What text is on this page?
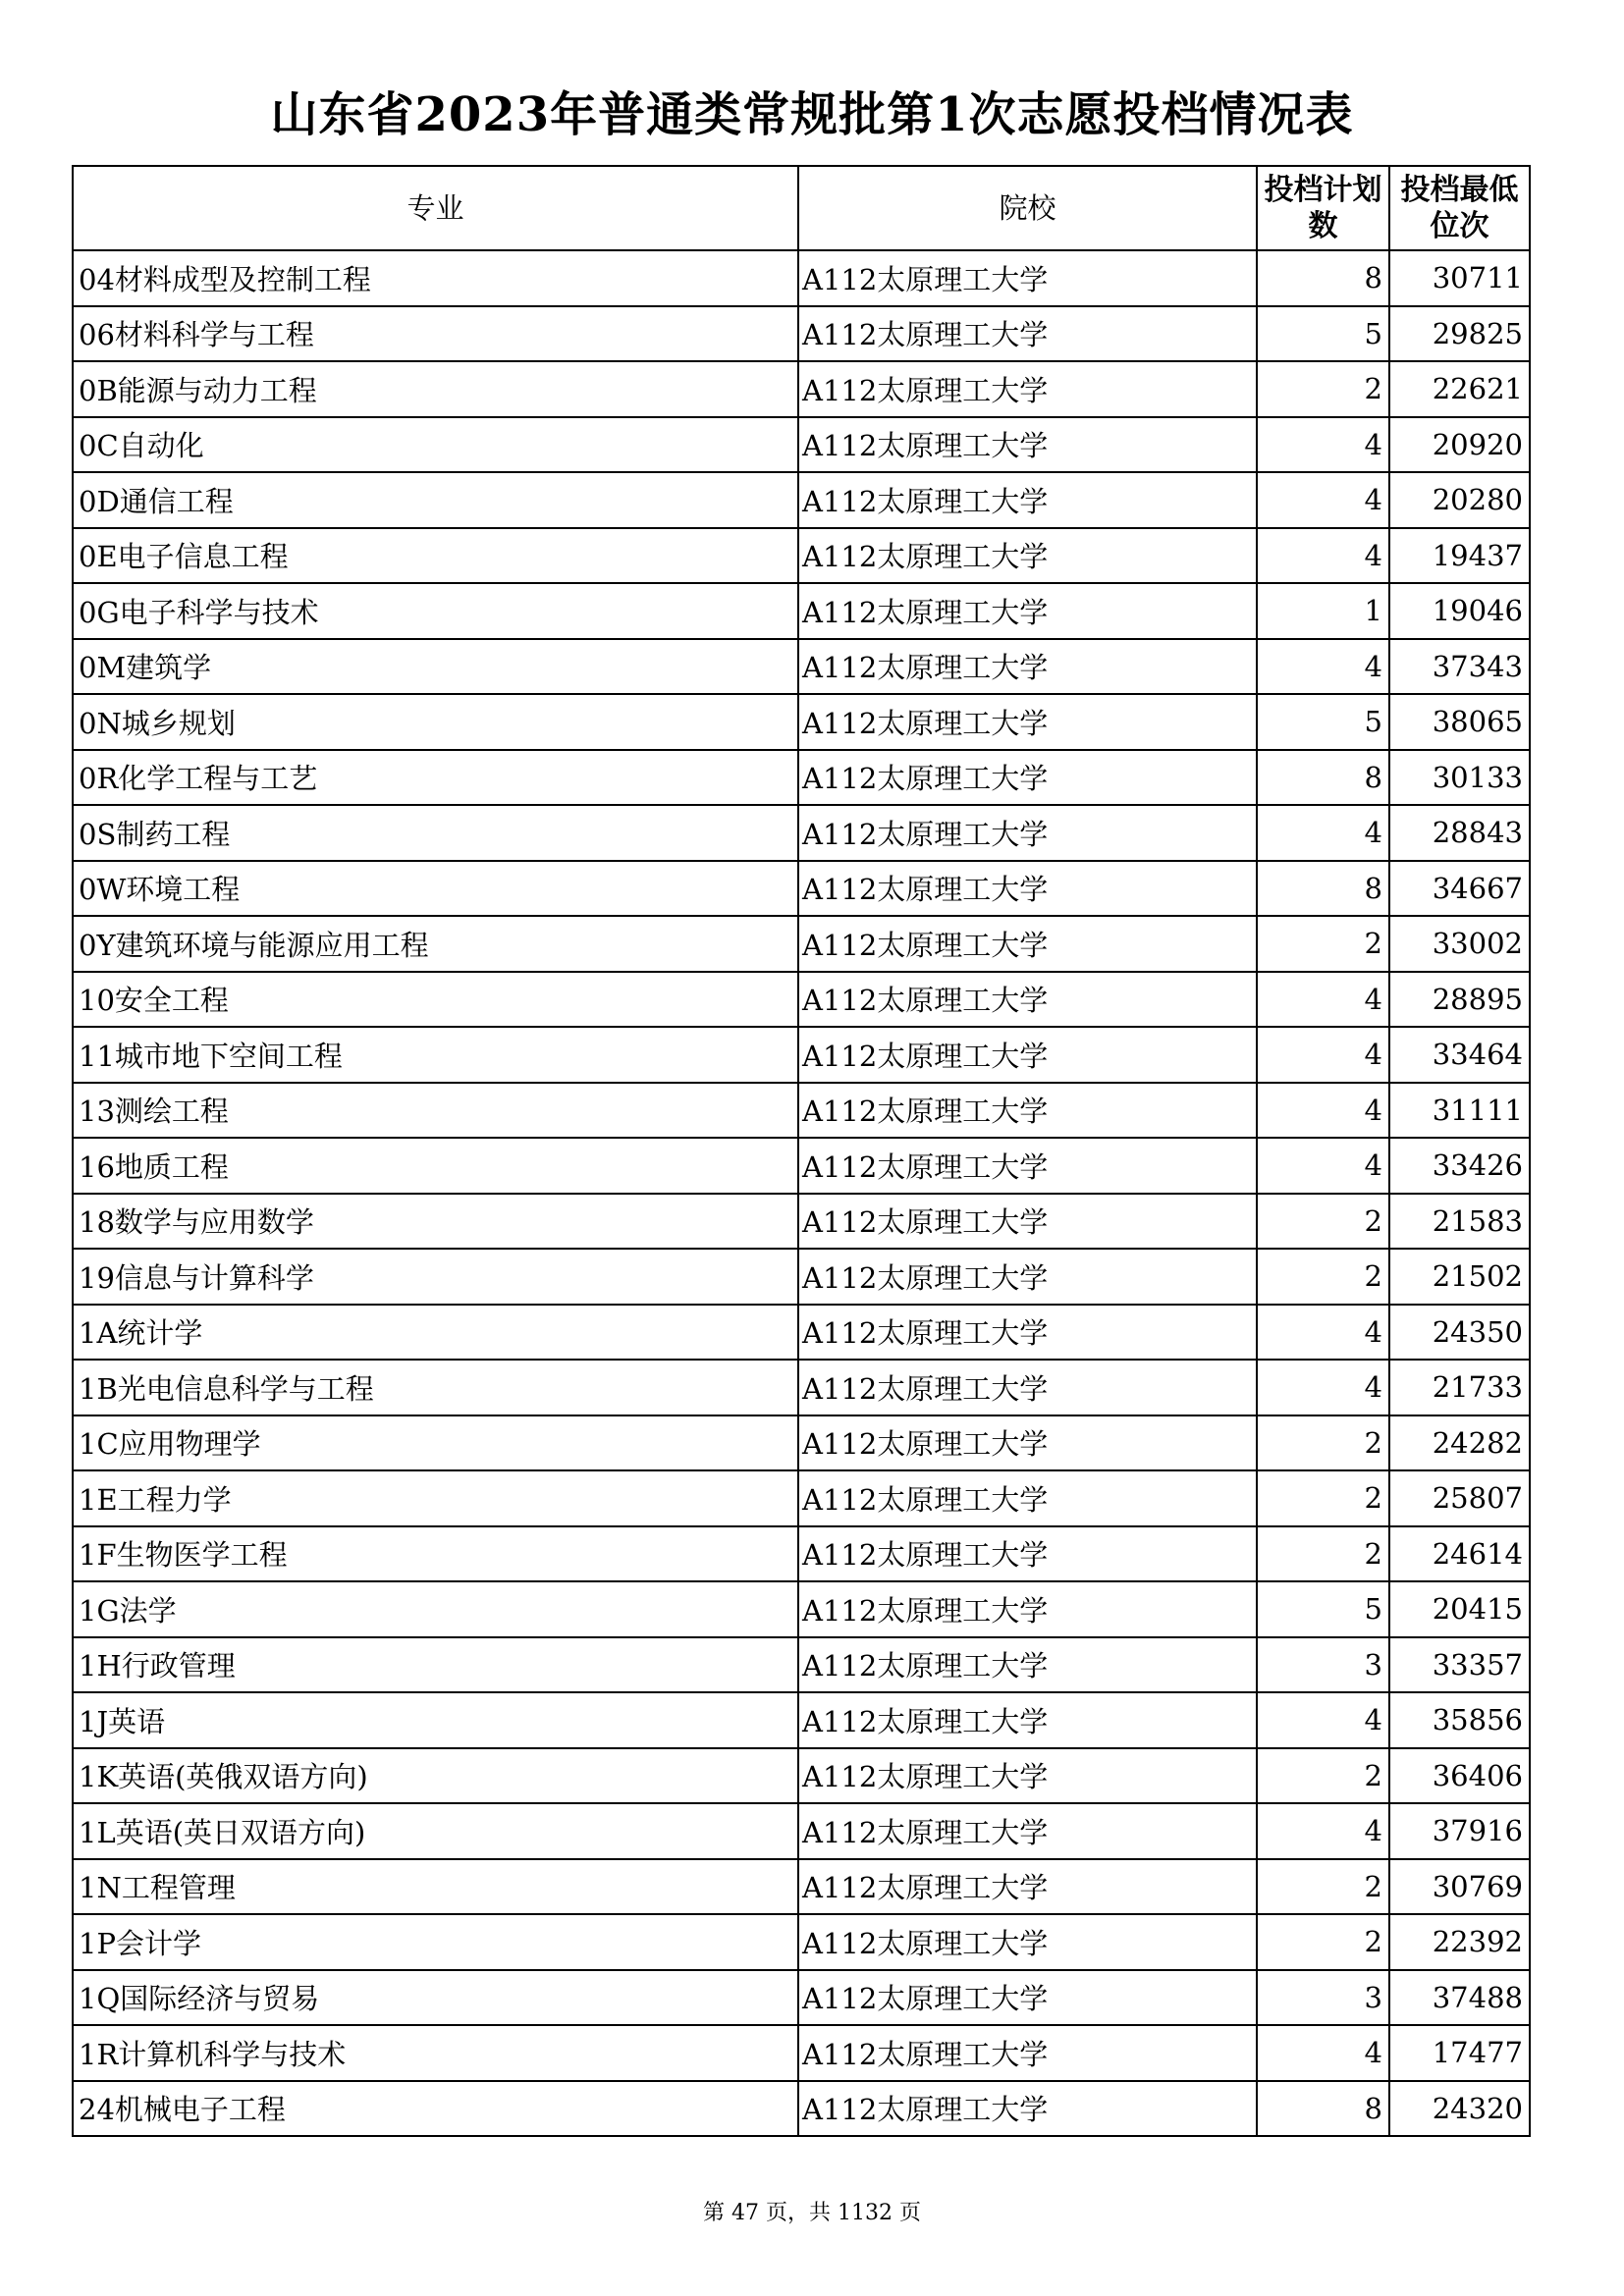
山东省2023年普通类常规批第1次志愿投档情况表
专业	院校	投档计划数	投档最低位次
04材料成型及控制工程	A112太原理工大学	8	30711
06材料科学与工程	A112太原理工大学	5	29825
0B能源与动力工程	A112太原理工大学	2	22621
0C自动化	A112太原理工大学	4	20920
0D通信工程	A112太原理工大学	4	20280
0E电子信息工程	A112太原理工大学	4	19437
0G电子科学与技术	A112太原理工大学	1	19046
0M建筑学	A112太原理工大学	4	37343
0N城乡规划	A112太原理工大学	5	38065
0R化学工程与工艺	A112太原理工大学	8	30133
0S制药工程	A112太原理工大学	4	28843
0W环境工程	A112太原理工大学	8	34667
0Y建筑环境与能源应用工程	A112太原理工大学	2	33002
10安全工程	A112太原理工大学	4	28895
11城市地下空间工程	A112太原理工大学	4	33464
13测绘工程	A112太原理工大学	4	31111
16地质工程	A112太原理工大学	4	33426
18数学与应用数学	A112太原理工大学	2	21583
19信息与计算科学	A112太原理工大学	2	21502
1A统计学	A112太原理工大学	4	24350
1B光电信息科学与工程	A112太原理工大学	4	21733
1C应用物理学	A112太原理工大学	2	24282
1E工程力学	A112太原理工大学	2	25807
1F生物医学工程	A112太原理工大学	2	24614
1G法学	A112太原理工大学	5	20415
1H行政管理	A112太原理工大学	3	33357
1J英语	A112太原理工大学	4	35856
1K英语(英俄双语方向)	A112太原理工大学	2	36406
1L英语(英日双语方向)	A112太原理工大学	4	37916
1N工程管理	A112太原理工大学	2	30769
1P会计学	A112太原理工大学	2	22392
1Q国际经济与贸易	A112太原理工大学	3	37488
1R计算机科学与技术	A112太原理工大学	4	17477
24机械电子工程	A112太原理工大学	8	24320
第 47 页，共 1132 页
